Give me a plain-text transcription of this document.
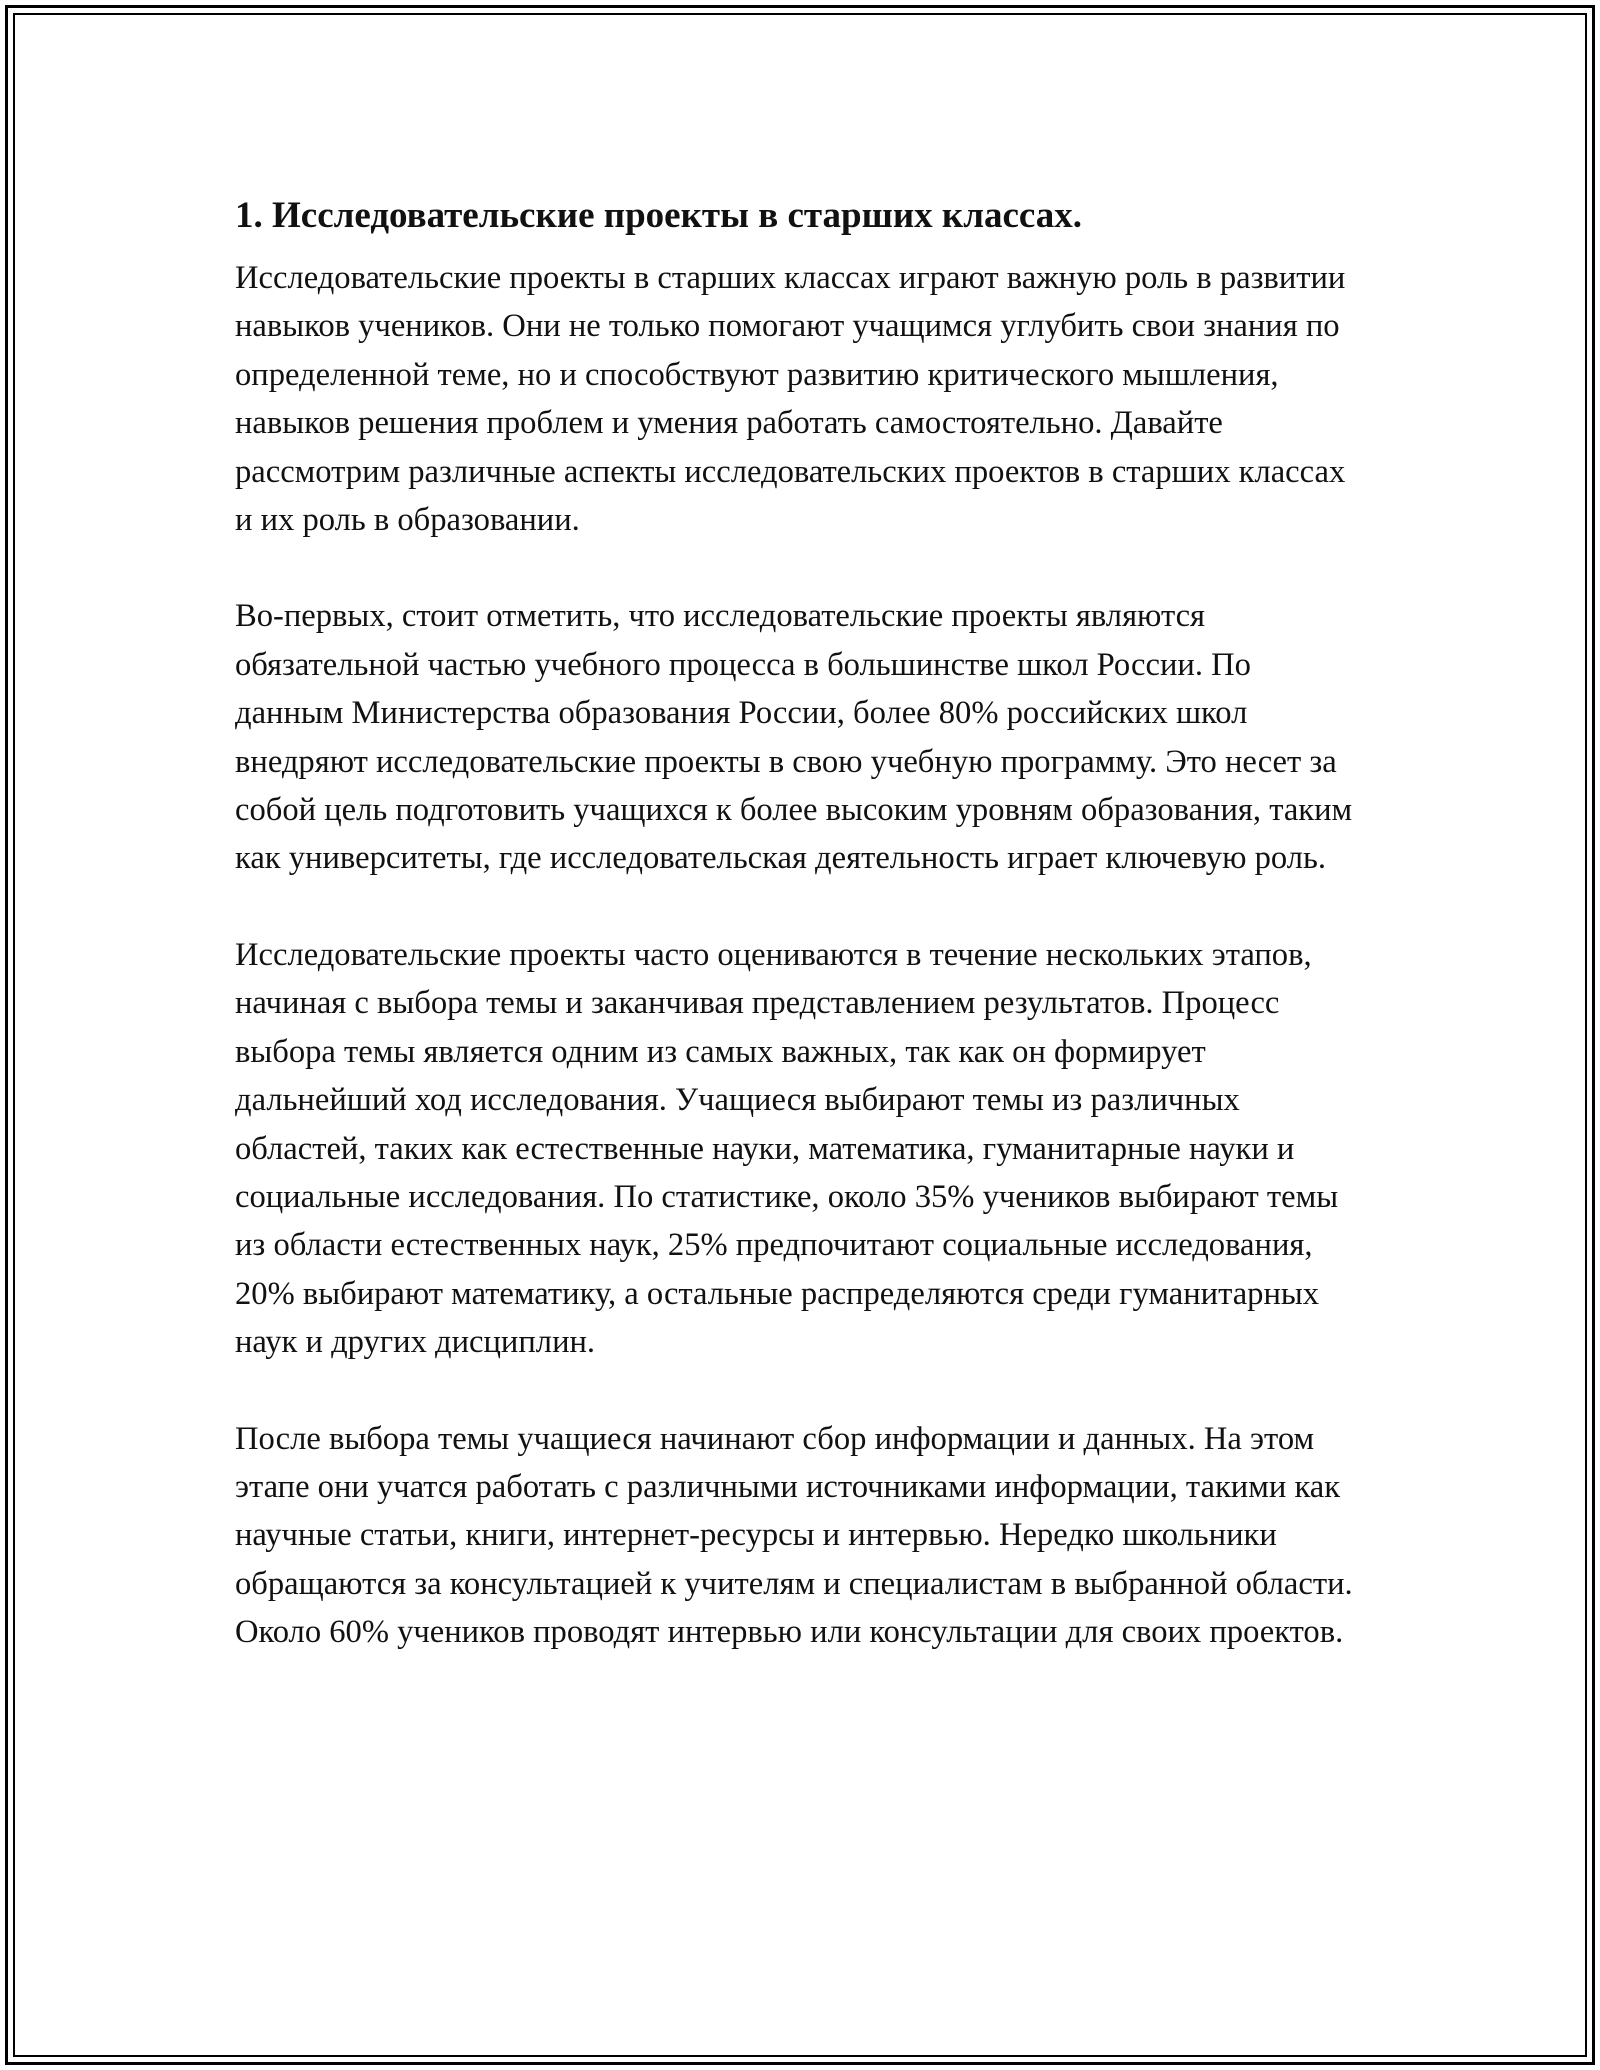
1. Исследовательские проекты в старших классах.

Исследовательские проекты в старших классах играют важную роль в развитии навыков учеников. Они не только помогают учащимся углубить свои знания по определенной теме, но и способствуют развитию критического мышления, навыков решения проблем и умения работать самостоятельно. Давайте рассмотрим различные аспекты исследовательских проектов в старших классах и их роль в образовании.

Во-первых, стоит отметить, что исследовательские проекты являются обязательной частью учебного процесса в большинстве школ России. По данным Министерства образования России, более 80% российских школ внедряют исследовательские проекты в свою учебную программу. Это несет за собой цель подготовить учащихся к более высоким уровням образования, таким как университеты, где исследовательская деятельность играет ключевую роль.

Исследовательские проекты часто оцениваются в течение нескольких этапов, начиная с выбора темы и заканчивая представлением результатов. Процесс выбора темы является одним из самых важных, так как он формирует дальнейший ход исследования. Учащиеся выбирают темы из различных областей, таких как естественные науки, математика, гуманитарные науки и социальные исследования. По статистике, около 35% учеников выбирают темы из области естественных наук, 25% предпочитают социальные исследования, 20% выбирают математику, а остальные распределяются среди гуманитарных наук и других дисциплин.

После выбора темы учащиеся начинают сбор информации и данных. На этом этапе они учатся работать с различными источниками информации, такими как научные статьи, книги, интернет-ресурсы и интервью. Нередко школьники обращаются за консультацией к учителям и специалистам в выбранной области. Около 60% учеников проводят интервью или консультации для своих проектов.
